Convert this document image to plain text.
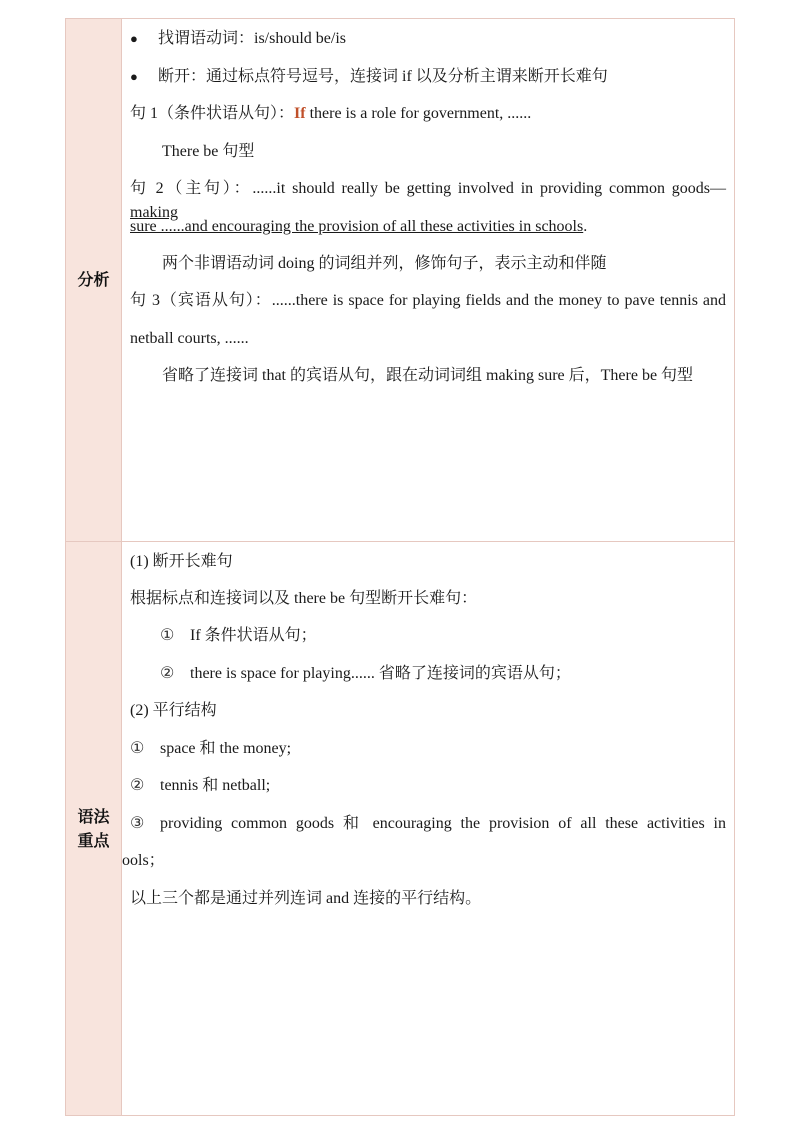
分析
● 找谓语动词：is/should be/is
● 断开：通过标点符号逗号，连接词 if 以及分析主谓来断开长难句
句 1（条件状语从句）：If there is a role for government, ......
There be 句型
句 2（主句）：......it should really be getting involved in providing common goods—making
sure ......and encouraging the provision of all these activities in schools.
两个非谓语动词 doing 的词组并列，修饰句子，表示主动和伴随
句 3（宾语从句）：......there is space for playing fields and the money to pave tennis and
netball courts, ......
省略了连接词 that 的宾语从句，跟在动词词组 making sure 后，There be 句型
语法
重点
(1) 断开长难句
根据标点和连接词以及 there be 句型断开长难句：
① If 条件状语从句；
② there is space for playing...... 省略了连接词的宾语从句；
(2) 平行结构
① space 和 the money;
② tennis 和 netball;
③ providing common goods 和 encouraging the provision of all these activities in
ools；
以上三个都是通过并列连词 and 连接的平行结构。
